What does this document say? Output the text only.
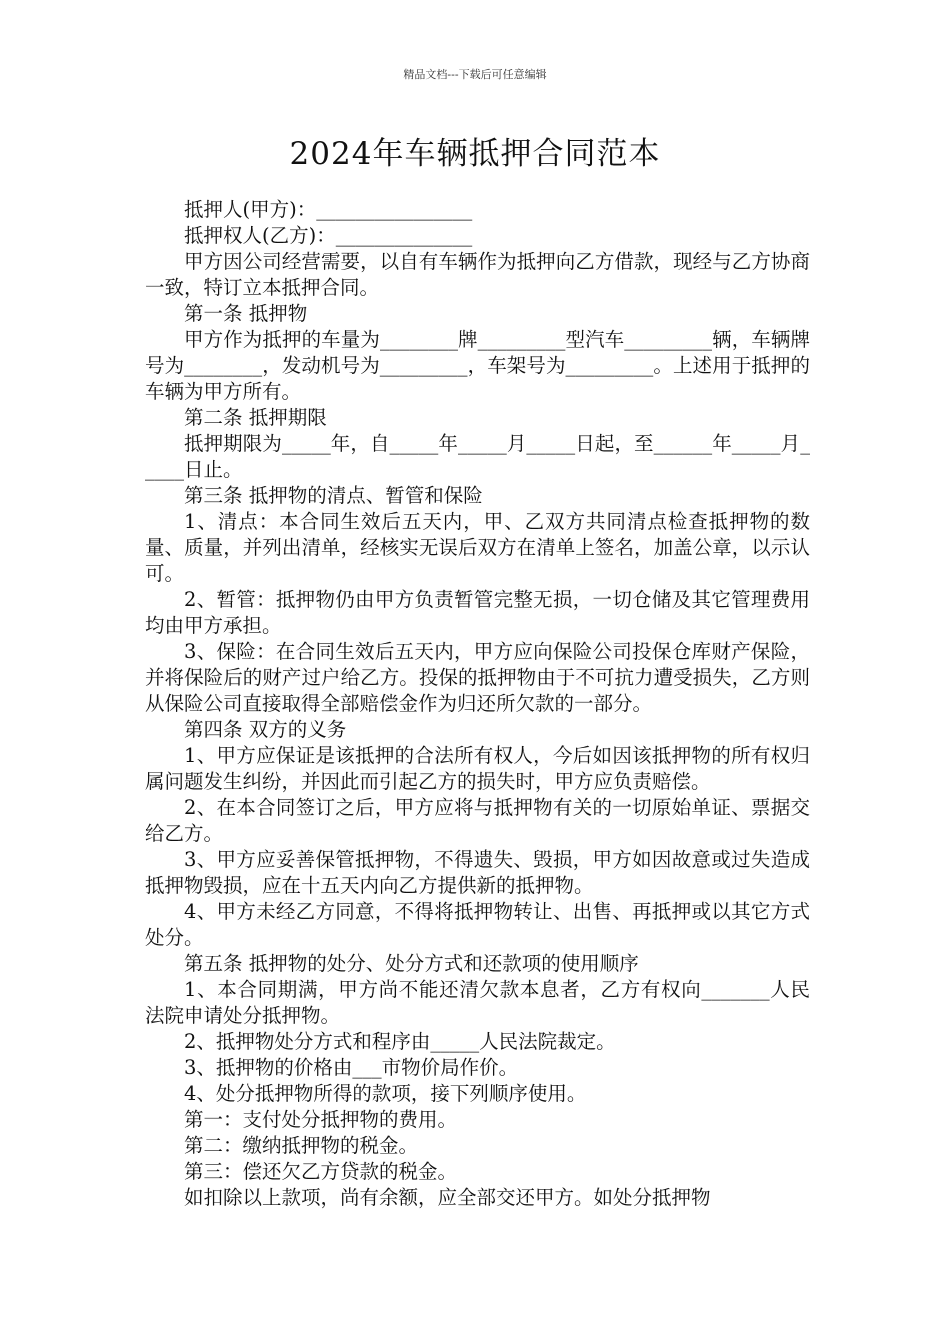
精品文档---下载后可任意编辑
2024年车辆抵押合同范本

抵押人(甲方)：________________

抵押权人(乙方)：______________

甲方因公司经营需要，以自有车辆作为抵押向乙方借款，现经与乙方协商一致，特订立本抵押合同。

第一条 抵押物

甲方作为抵押的车量为________牌_________型汽车_________辆，车辆牌号为________，发动机号为_________，车架号为_________。上述用于抵押的车辆为甲方所有。

第二条 抵押期限

抵押期限为_____年，自_____年_____月_____日起，至______年_____月_____日止。

第三条 抵押物的清点、暂管和保险

1、清点：本合同生效后五天内，甲、乙双方共同清点检查抵押物的数量、质量，并列出清单，经核实无误后双方在清单上签名，加盖公章，以示认可。

2、暂管：抵押物仍由甲方负责暂管完整无损，一切仓储及其它管理费用均由甲方承担。

3、保险：在合同生效后五天内，甲方应向保险公司投保仓库财产保险，并将保险后的财产过户给乙方。投保的抵押物由于不可抗力遭受损失，乙方则从保险公司直接取得全部赔偿金作为归还所欠款的一部分。

第四条 双方的义务

1、甲方应保证是该抵押的合法所有权人，今后如因该抵押物的所有权归属问题发生纠纷，并因此而引起乙方的损失时，甲方应负责赔偿。

2、在本合同签订之后，甲方应将与抵押物有关的一切原始单证、票据交给乙方。

3、甲方应妥善保管抵押物，不得遗失、毁损，甲方如因故意或过失造成抵押物毁损，应在十五天内向乙方提供新的抵押物。

4、甲方未经乙方同意，不得将抵押物转让、出售、再抵押或以其它方式处分。

第五条 抵押物的处分、处分方式和还款项的使用顺序

1、本合同期满，甲方尚不能还清欠款本息者，乙方有权向_______人民法院申请处分抵押物。

2、抵押物处分方式和程序由_____人民法院裁定。

3、抵押物的价格由___市物价局作价。

4、处分抵押物所得的款项，接下列顺序使用。

第一：支付处分抵押物的费用。

第二：缴纳抵押物的税金。

第三：偿还欠乙方贷款的税金。

如扣除以上款项，尚有余额，应全部交还甲方。如处分抵押物
